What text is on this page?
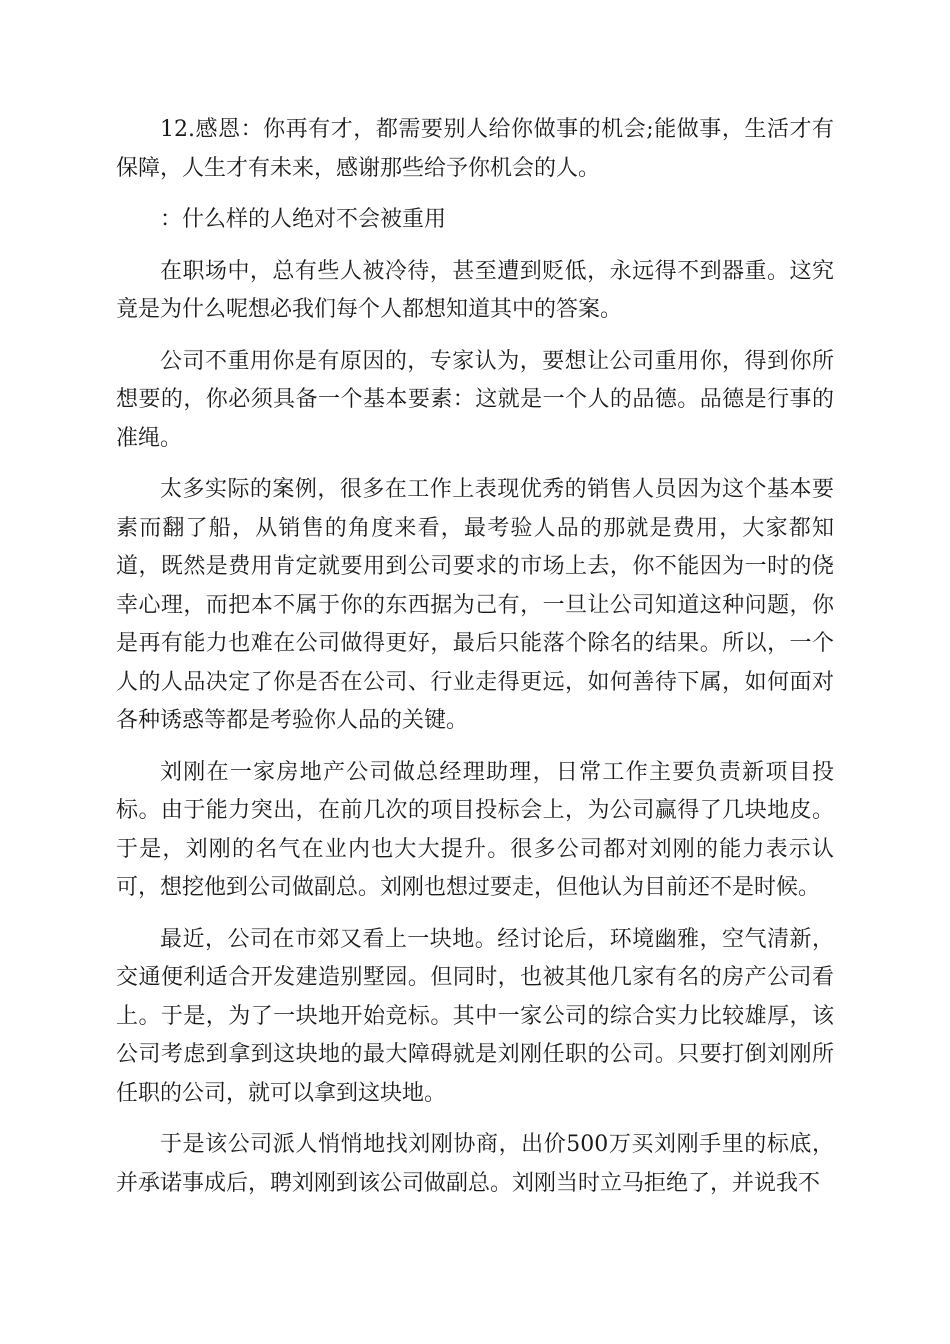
12.感恩：你再有才，都需要别人给你做事的机会;能做事，生活才有保障，人生才有未来，感谢那些给予你机会的人。

：什么样的人绝对不会被重用

在职场中，总有些人被冷待，甚至遭到贬低，永远得不到器重。这究竟是为什么呢想必我们每个人都想知道其中的答案。

公司不重用你是有原因的，专家认为，要想让公司重用你，得到你所想要的，你必须具备一个基本要素：这就是一个人的品德。品德是行事的准绳。

太多实际的案例，很多在工作上表现优秀的销售人员因为这个基本要素而翻了船，从销售的角度来看，最考验人品的那就是费用，大家都知道，既然是费用肯定就要用到公司要求的市场上去，你不能因为一时的侥幸心理，而把本不属于你的东西据为己有，一旦让公司知道这种问题，你是再有能力也难在公司做得更好，最后只能落个除名的结果。所以，一个人的人品决定了你是否在公司、行业走得更远，如何善待下属，如何面对各种诱惑等都是考验你人品的关键。

刘刚在一家房地产公司做总经理助理，日常工作主要负责新项目投标。由于能力突出，在前几次的项目投标会上，为公司赢得了几块地皮。于是，刘刚的名气在业内也大大提升。很多公司都对刘刚的能力表示认可，想挖他到公司做副总。刘刚也想过要走，但他认为目前还不是时候。

最近，公司在市郊又看上一块地。经讨论后，环境幽雅，空气清新，交通便利适合开发建造别墅园。但同时，也被其他几家有名的房产公司看上。于是，为了一块地开始竞标。其中一家公司的综合实力比较雄厚，该公司考虑到拿到这块地的最大障碍就是刘刚任职的公司。只要打倒刘刚所任职的公司，就可以拿到这块地。

于是该公司派人悄悄地找刘刚协商，出价500万买刘刚手里的标底，并承诺事成后，聘刘刚到该公司做副总。刘刚当时立马拒绝了，并说我不
